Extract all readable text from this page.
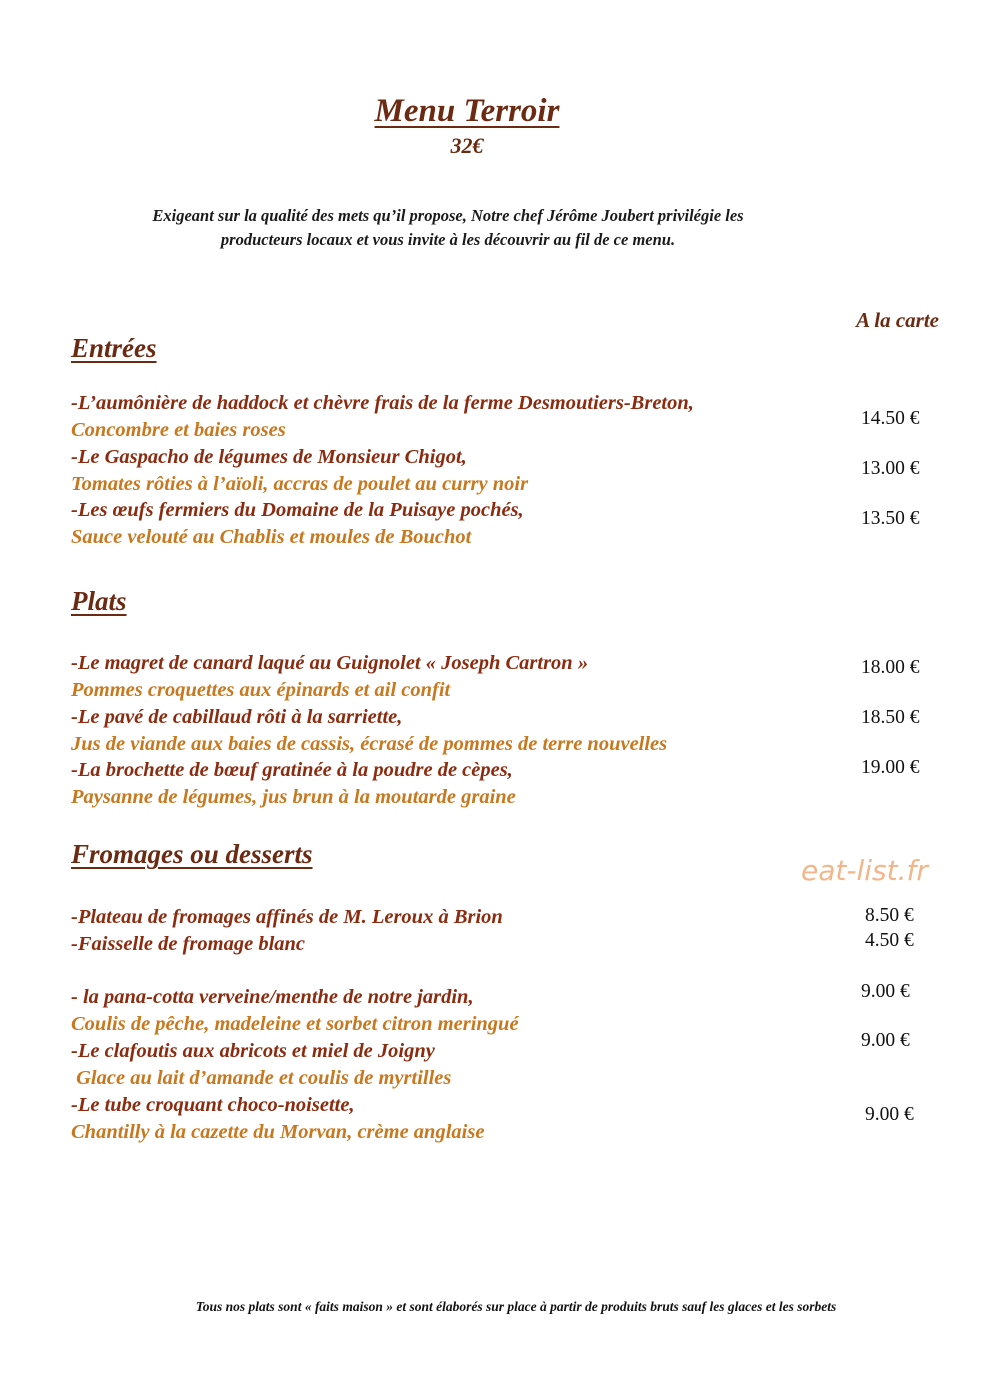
Menu Terroir
32€
Exigeant sur la qualité des mets qu’il propose, Notre chef Jérôme Joubert privilégie les
producteurs locaux et vous invite à les découvrir au fil de ce menu.
A la carte
Entrées
-L’aumônière de haddock et chèvre frais de la ferme Desmoutiers-Breton,
Concombre et baies roses
14.50 €
-Le Gaspacho de légumes de Monsieur Chigot,
Tomates rôties à l’aïoli, accras de poulet au curry noir
13.00 €
-Les œufs fermiers du Domaine de la Puisaye pochés,
Sauce velouté au Chablis et moules de Bouchot
13.50 €
Plats
-Le magret de canard laqué au Guignolet « Joseph Cartron »
Pommes croquettes aux épinards et ail confit
18.00 €
-Le pavé de cabillaud rôti à la sarriette,
Jus de viande aux baies de cassis, écrasé de pommes de terre nouvelles
18.50 €
-La brochette de bœuf gratinée à la poudre de cèpes,
Paysanne de légumes, jus brun à la moutarde graine
19.00 €
Fromages ou desserts	eat-list.fr
-Plateau de fromages affinés de M. Leroux à Brion	8.50 €
-Faisselle de fromage blanc	4.50 €
- la pana-cotta verveine/menthe de notre jardin,
Coulis de pêche, madeleine et sorbet citron meringué
9.00 €
-Le clafoutis aux abricots et miel de Joigny
Glace au lait d’amande et coulis de myrtilles
9.00 €
-Le tube croquant choco-noisette,
Chantilly à la cazette du Morvan, crème anglaise
9.00 €
Tous nos plats sont « faits maison » et sont élaborés sur place à partir de produits bruts sauf les glaces et les sorbets
